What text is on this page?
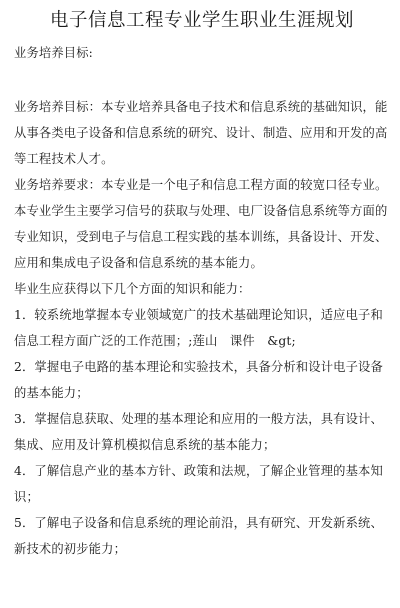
电子信息工程专业学生职业生涯规划

业务培养目标:

业务培养目标：本专业培养具备电子技术和信息系统的基础知识，能从事各类电子设备和信息系统的研究、设计、制造、应用和开发的高等工程技术人才。

业务培养要求：本专业是一个电子和信息工程方面的较宽口径专业。本专业学生主要学习信号的获取与处理、电厂设备信息系统等方面的专业知识，受到电子与信息工程实践的基本训练，具备设计、开发、应用和集成电子设备和信息系统的基本能力。

毕业生应获得以下几个方面的知识和能力：

1．较系统地掌握本专业领域宽广的技术基础理论知识，适应电子和信息工程方面广泛的工作范围；;莲山　课件　&gt;

2．掌握电子电路的基本理论和实验技术，具备分析和设计电子设备的基本能力；

3．掌握信息获取、处理的基本理论和应用的一般方法，具有设计、集成、应用及计算机模拟信息系统的基本能力；

4．了解信息产业的基本方针、政策和法规，了解企业管理的基本知识；

5．了解电子设备和信息系统的理论前沿，具有研究、开发新系统、新技术的初步能力；
